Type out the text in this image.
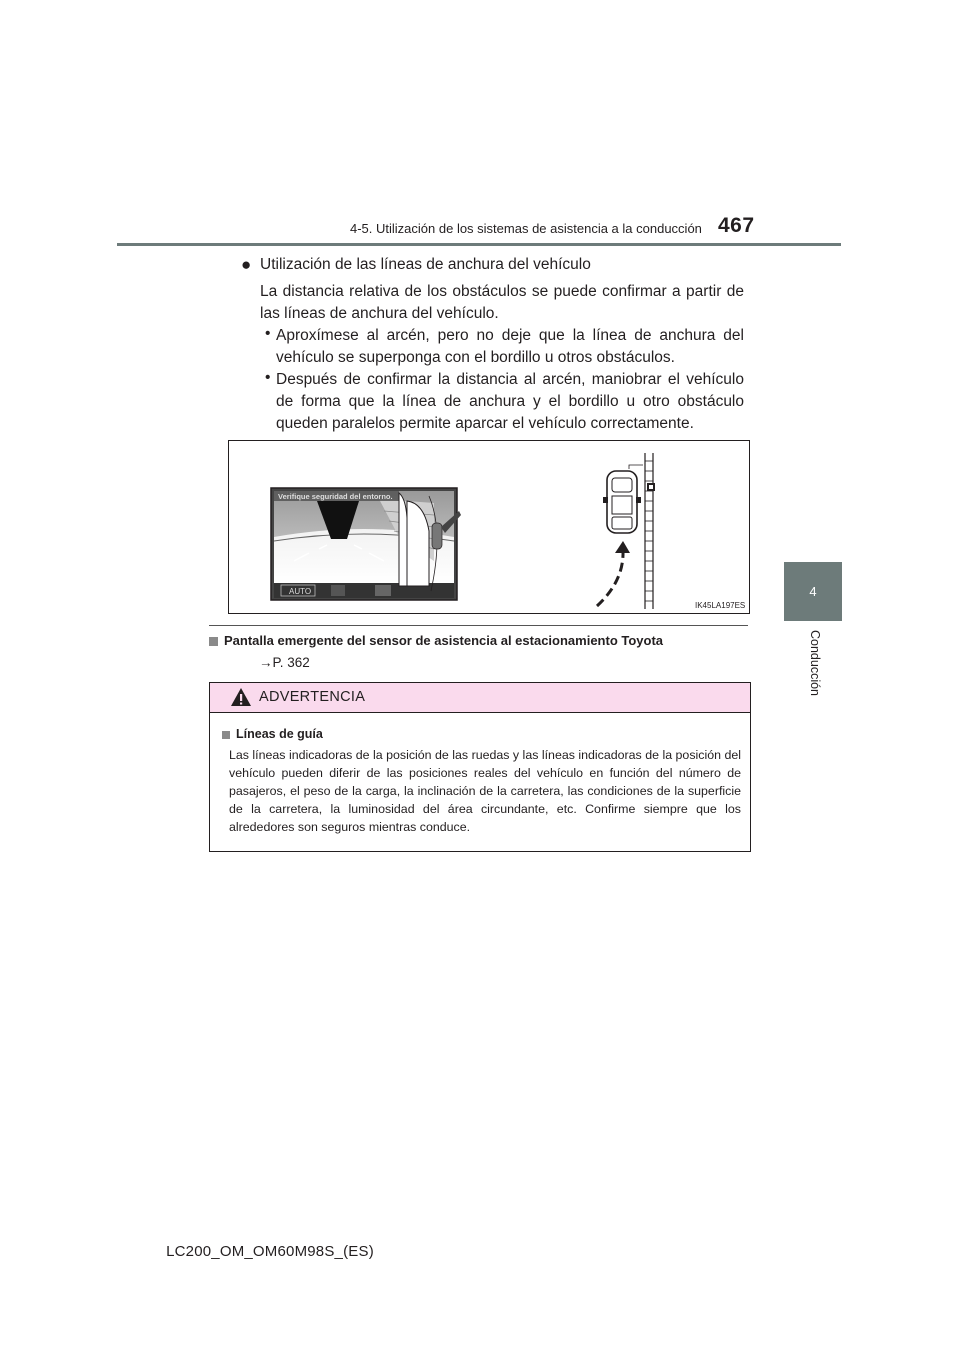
4-5. Utilización de los sistemas de asistencia a la conducción 467
4
Conducción
● Utilización de las líneas de anchura del vehículo
La distancia relativa de los obstáculos se puede confirmar a partir de las líneas de anchura del vehículo.
• Aproxímese al arcén, pero no deje que la línea de anchura del vehículo se superponga con el bordillo u otros obstáculos.
• Después de confirmar la distancia al arcén, maniobrar el vehículo de forma que la línea de anchura y el bordillo u otro obstáculo queden paralelos permite aparcar el vehículo correctamente.
Verifique seguridad del entorno.
AUTO
IK45LA197ES
Pantalla emergente del sensor de asistencia al estacionamiento Toyota
→P. 362
ADVERTENCIA
Líneas de guía
Las líneas indicadoras de la posición de las ruedas y las líneas indicadoras de la posición del vehículo pueden diferir de las posiciones reales del vehículo en función del número de pasajeros, el peso de la carga, la inclinación de la carretera, las condiciones de la superficie de la carretera, la luminosidad del área circundante, etc. Confirme siempre que los alrededores son seguros mientras conduce.
LC200_OM_OM60M98S_(ES)
